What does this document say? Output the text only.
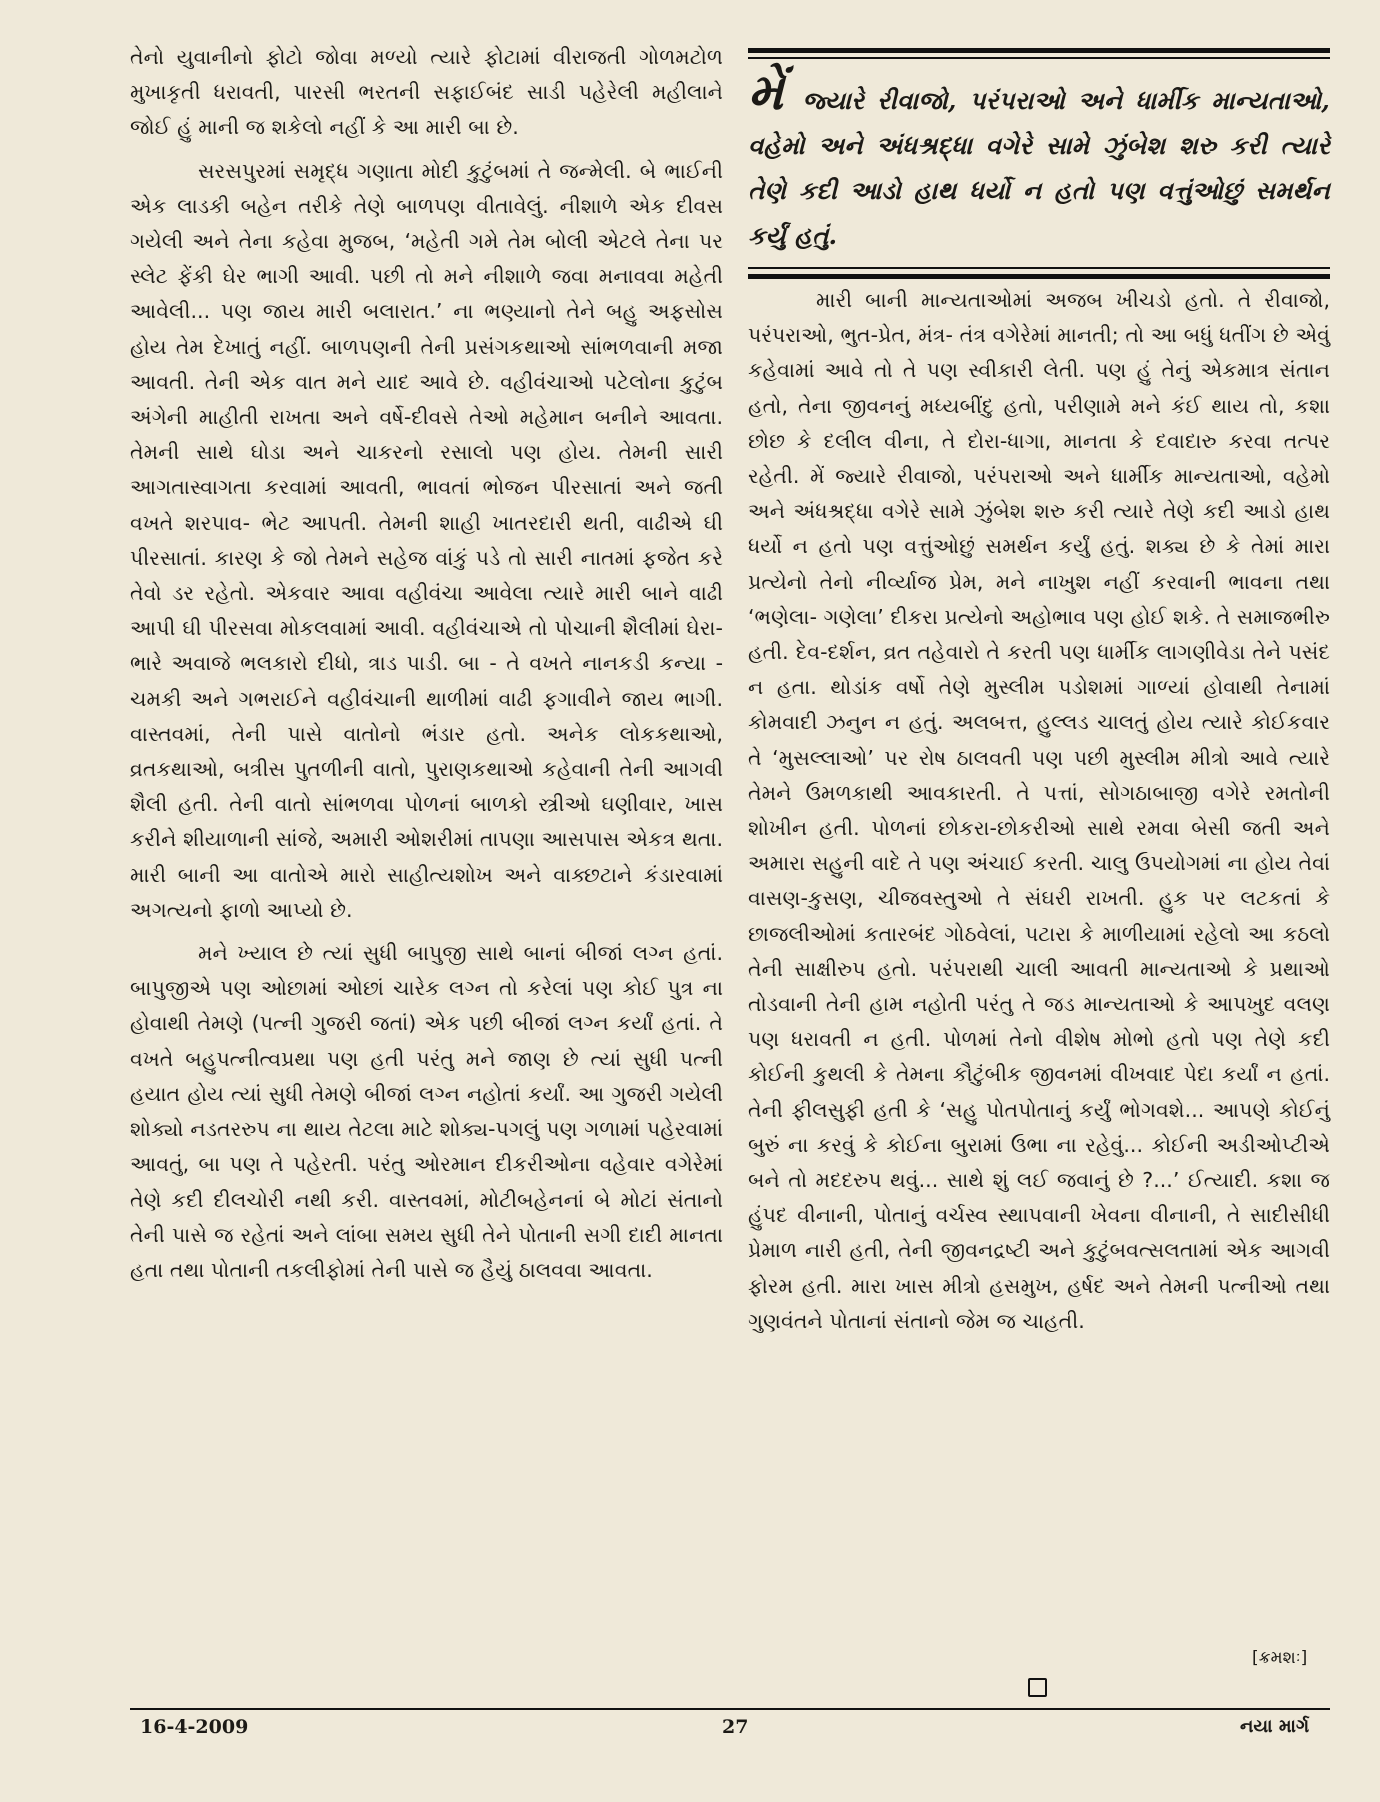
તેનો યુવાનીનો ફોટો જોવા મળ્યો ત્યારે ફોટામાં વીરાજતી ગોળમટોળ મુખાકૃતી ધરાવતી, પારસી ભરતની સફાઈબંદ સાડી પહેરેલી મહીલાને જોઈ હું માની જ શકેલો નહીં કે આ મારી બા છે.

સરસપુરમાં સમૃદ્ધ ગણાતા મોદી કુટુંબમાં તે જન્મેલી. બે ભાઈની એક લાડકી બહેન તરીકે તેણે બાળપણ વીતાવેલું. નીશાળે એક દીવસ ગયેલી અને તેના કહેવા મુજબ, ‘મહેતી ગમે તેમ બોલી એટલે તેના પર સ્લેટ ફેંકી ઘેર ભાગી આવી. પછી તો મને નીશાળે જવા મનાવવા મહેતી આવેલી... પણ જાય મારી બલારાત.’ ના ભણ્યાનો તેને બહુ અફસોસ હોય તેમ દેખાતું નહીં. બાળપણની તેની પ્રસંગકથાઓ સાંભળવાની મજા આવતી. તેની એક વાત મને યાદ આવે છે. વહીવંચાઓ પટેલોના કુટુંબ અંગેની માહીતી રાખતા અને વર્ષે-દીવસે તેઓ મહેમાન બનીને આવતા. તેમની સાથે ઘોડા અને ચાકરનો રસાલો પણ હોય. તેમની સારી આગતાસ્વાગતા કરવામાં આવતી, ભાવતાં ભોજન પીરસાતાં અને જતી વખતે શરપાવ- ભેટ આપતી. તેમની શાહી ખાતરદારી થતી, વાઢીએ ઘી પીરસાતાં. કારણ કે જો તેમને સહેજ વાંકું પડે તો સારી નાતમાં ફજેત કરે તેવો ડર રહેતો. એકવાર આવા વહીવંચા આવેલા ત્યારે મારી બાને વાઢી આપી ઘી પીરસવા મોકલવામાં આવી. વહીવંચાએ તો પોચાની શૈલીમાં ઘેરા-ભારે અવાજે ભલકારો દીધો, ત્રાડ પાડી. બા - તે વખતે નાનકડી કન્યા - ચમકી અને ગભરાઈને વહીવંચાની થાળીમાં વાઢી ફગાવીને જાય ભાગી. વાસ્તવમાં, તેની પાસે વાતોનો ભંડાર હતો. અનેક લોકકથાઓ, વ્રતકથાઓ, બત્રીસ પુતળીની વાતો, પુરાણકથાઓ કહેવાની તેની આગવી શૈલી હતી. તેની વાતો સાંભળવા પોળનાં બાળકો સ્ત્રીઓ ઘણીવાર, ખાસ કરીને શીયાળાની સાંજે, અમારી ઓશરીમાં તાપણા આસપાસ એકત્ર થતા. મારી બાની આ વાતોએ મારો સાહીત્યશોખ અને વાક્છટાને કંડારવામાં અગત્યનો ફાળો આપ્યો છે.

મને ખ્યાલ છે ત્યાં સુધી બાપુજી સાથે બાનાં બીજાં લગ્ન હતાં. બાપુજીએ પણ ઓછામાં ઓછાં ચારેક લગ્ન તો કરેલાં પણ કોઈ પુત્ર ના હોવાથી તેમણે (પત્ની ગુજરી જતાં) એક પછી બીજાં લગ્ન કર્યાં હતાં. તે વખતે બહુપત્નીત્વપ્રથા પણ હતી પરંતુ મને જાણ છે ત્યાં સુધી પત્ની હયાત હોય ત્યાં સુધી તેમણે બીજાં લગ્ન નહોતાં કર્યાં. આ ગુજરી ગયેલી શોક્યો નડતરરુપ ના થાય તેટલા માટે શોક્ય-પગલું પણ ગળામાં પહેરવામાં આવતું, બા પણ તે પહેરતી. પરંતુ ઓરમાન દીકરીઓના વહેવાર વગેરેમાં તેણે કદી દીલચોરી નથી કરી. વાસ્તવમાં, મોટીબહેનનાં બે મોટાં સંતાનો તેની પાસે જ રહેતાં અને લાંબા સમય સુધી તેને પોતાની સગી દાદી માનતા હતા તથા પોતાની તકલીફોમાં તેની પાસે જ હૈયું ઠાલવવા આવતા.

મેં જ્યારે રીવાજો, પરંપરાઓ અને ધાર્મીક માન્યતાઓ, વહેમો અને અંધશ્રદ્ધા વગેરે સામે ઝુંબેશ શરુ કરી ત્યારે તેણે કદી આડો હાથ ધર્યો ન હતો પણ વત્તુંઓછું સમર્થન કર્યું હતું.

મારી બાની માન્યતાઓમાં અજબ ખીચડો હતો. તે રીવાજો, પરંપરાઓ, ભુત-પ્રેત, મંત્ર- તંત્ર વગેરેમાં માનતી; તો આ બધું ધતીંગ છે એવું કહેવામાં આવે તો તે પણ સ્વીકારી લેતી. પણ હું તેનું એકમાત્ર સંતાન હતો, તેના જીવનનું મધ્યબીંદુ હતો, પરીણામે મને કંઈ થાય તો, કશા છોછ કે દલીલ વીના, તે દોરા-ધાગા, માનતા કે દવાદારુ કરવા તત્પર રહેતી. મેં જ્યારે રીવાજો, પરંપરાઓ અને ધાર્મીક માન્યતાઓ, વહેમો અને અંધશ્રદ્ધા વગેરે સામે ઝુંબેશ શરુ કરી ત્યારે તેણે કદી આડો હાથ ધર્યો ન હતો પણ વત્તુંઓછું સમર્થન કર્યું હતું. શક્ય છે કે તેમાં મારા પ્રત્યેનો તેનો નીર્વ્યાજ પ્રેમ, મને નાખુશ નહીં કરવાની ભાવના તથા ‘ભણેલા- ગણેલા’ દીકરા પ્રત્યેનો અહોભાવ પણ હોઈ શકે. તે સમાજભીરુ હતી. દેવ-દર્શન, વ્રત તહેવારો તે કરતી પણ ધાર્મીક લાગણીવેડા તેને પસંદ ન હતા. થોડાંક વર્ષો તેણે મુસ્લીમ પડોશમાં ગાળ્યાં હોવાથી તેનામાં કોમવાદી ઝનુન ન હતું. અલબત્ત, હુલ્લડ ચાલતું હોય ત્યારે કોઈકવાર તે ‘મુસલ્લાઓ’ પર રોષ ઠાલવતી પણ પછી મુસ્લીમ મીત્રો આવે ત્યારે તેમને ઉમળકાથી આવકારતી. તે પત્તાં, સોગઠાબાજી વગેરે રમતોની શોખીન હતી. પોળનાં છોકરા-છોકરીઓ સાથે રમવા બેસી જતી અને અમારા સહુની વાદે તે પણ અંચાઈ કરતી. ચાલુ ઉપયોગમાં ના હોય તેવાં વાસણ-કુસણ, ચીજવસ્તુઓ તે સંઘરી રાખતી. હુક પર લટકતાં કે છાજલીઓમાં કતારબંદ ગોઠવેલાં, પટારા કે માળીયામાં રહેલો આ કઠલો તેની સાક્ષીરુપ હતો. પરંપરાથી ચાલી આવતી માન્યતાઓ કે પ્રથાઓ તોડવાની તેની હામ નહોતી પરંતુ તે જડ માન્યતાઓ કે આપખુદ વલણ પણ ધરાવતી ન હતી. પોળમાં તેનો વીશેષ મોભો હતો પણ તેણે કદી કોઈની કુથલી કે તેમના કૌટુંબીક જીવનમાં વીખવાદ પેદા કર્યાં ન હતાં. તેની ફીલસુફી હતી કે ‘સહુ પોતપોતાનું કર્યું ભોગવશે... આપણે કોઈનું બુરું ના કરવું કે કોઈના બુરામાં ઉભા ના રહેવું... કોઈની અડીઓપ્ટીએ બને તો મદદરુપ થવું... સાથે શું લઈ જવાનું છે ?...’ ઈત્યાદી. કશા જ હુંપદ વીનાની, પોતાનું વર્ચસ્વ સ્થાપવાની ખેવના વીનાની, તે સાદીસીધી પ્રેમાળ નારી હતી, તેની જીવનદ્રષ્ટી અને કુટુંબવત્સલતામાં એક આગવી ફોરમ હતી. મારા ખાસ મીત્રો હસમુખ, હર્ષદ અને તેમની પત્નીઓ તથા ગુણવંતને પોતાનાં સંતાનો જેમ જ ચાહતી.

[ક્રમશઃ]
16-4-2009	27	નયા માર્ગ
